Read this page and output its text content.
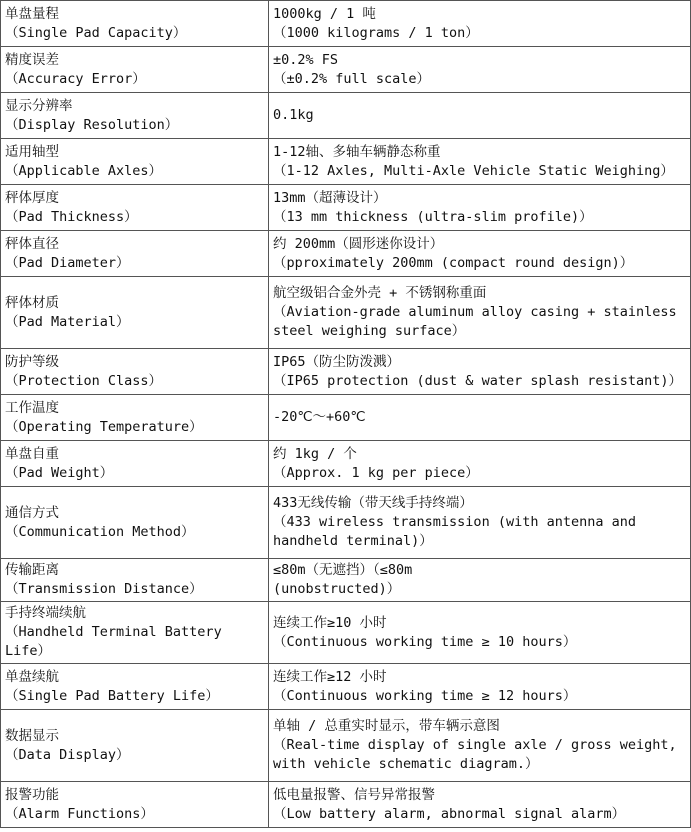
单盘量程
（Single Pad Capacity）	1000kg / 1 吨
（1000 kilograms / 1 ton）

精度误差
（Accuracy Error）	±0.2% FS
（±0.2% full scale）

显示分辨率
（Display Resolution）	0.1kg

适用轴型
（Applicable Axles）	1-12轴、多轴车辆静态称重
（1-12 Axles, Multi-Axle Vehicle Static Weighing）

秤体厚度
（Pad Thickness）	13mm（超薄设计）
（13 mm thickness (ultra-slim profile)）

秤体直径
（Pad Diameter）	约 200mm（圆形迷你设计）
（pproximately 200mm (compact round design)）

秤体材质
（Pad Material）	航空级铝合金外壳 + 不锈钢称重面
（Aviation-grade aluminum alloy casing + stainless steel weighing surface）

防护等级
（Protection Class）	IP65（防尘防泼溅）
（IP65 protection (dust & water splash resistant)）

工作温度
（Operating Temperature）	-20℃～+60℃

单盘自重
（Pad Weight）	约 1kg / 个
（Approx. 1 kg per piece）

通信方式
（Communication Method）	433无线传输（带天线手持终端）
（433 wireless transmission (with antenna and handheld terminal)）

传输距离
（Transmission Distance）	≤80m（无遮挡）（≤80m
(unobstructed)）

手持终端续航
（Handheld Terminal Battery Life）	连续工作≥10 小时
（Continuous working time ≥ 10 hours）

单盘续航
（Single Pad Battery Life）	连续工作≥12 小时
（Continuous working time ≥ 12 hours）

数据显示
（Data Display）	单轴 / 总重实时显示，带车辆示意图
（Real-time display of single axle / gross weight, with vehicle schematic diagram.）

报警功能
（Alarm Functions）	低电量报警、信号异常报警
（Low battery alarm, abnormal signal alarm）
